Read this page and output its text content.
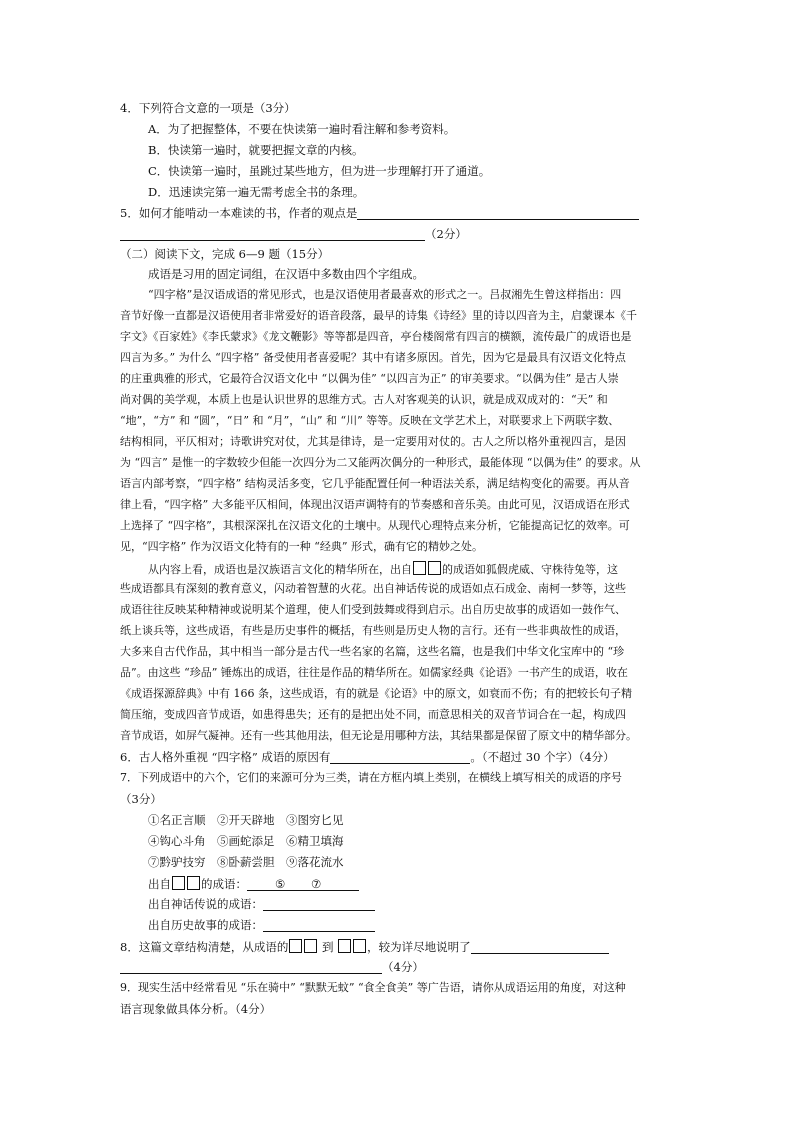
4．下列符合文意的一项是（3分）
A．为了把握整体，不要在快读第一遍时看注解和参考资料。
B．快读第一遍时，就要把握文章的内核。
C．快读第一遍时，虽跳过某些地方，但为进一步理解打开了通道。
D．迅速读完第一遍无需考虑全书的条理。
5．如何才能啃动一本难读的书，作者的观点是
（2分）
（二）阅读下文，完成 6—9 题（15分）
成语是习用的固定词组，在汉语中多数由四个字组成。
“四字格”是汉语成语的常见形式，也是汉语使用者最喜欢的形式之一。吕叔湘先生曾这样指出：四
音节好像一直都是汉语使用者非常爱好的语音段落，最早的诗集《诗经》里的诗以四音为主，启蒙课本《千
字文》《百家姓》《李氏蒙求》《龙文鞭影》等等都是四音，亭台楼阁常有四言的横额，流传最广的成语也是
四言为多。” 为什么 “四字格” 备受使用者喜爱呢？其中有诸多原因。首先，因为它是最具有汉语文化特点
的庄重典雅的形式，它最符合汉语文化中 “以偶为佳” “以四言为正” 的审美要求。“以偶为佳” 是古人崇
尚对偶的美学观，本质上也是认识世界的思维方式。古人对客观美的认识，就是成双成对的：“天” 和
“地”，“方” 和 “圆”，“日” 和 “月”，“山” 和 “川” 等等。反映在文学艺术上，对联要求上下两联字数、
结构相同，平仄相对；诗歌讲究对仗，尤其是律诗，是一定要用对仗的。古人之所以格外重视四言，是因
为 “四言” 是惟一的字数较少但能一次四分为二又能两次偶分的一种形式，最能体现 “以偶为佳” 的要求。从
语言内部考察，“四字格” 结构灵活多变，它几乎能配置任何一种语法关系，满足结构变化的需要。再从音
律上看，“四字格” 大多能平仄相间，体现出汉语声调特有的节奏感和音乐美。由此可见，汉语成语在形式
上选择了 “四字格”，其根深深扎在汉语文化的土壤中。从现代心理特点来分析，它能提高记忆的效率。可
见，“四字格” 作为汉语文化特有的一种 “经典” 形式，确有它的精妙之处。
从内容上看，成语也是汉族语言文化的精华所在，出自	的成语如狐假虎威、守株待兔等，这
些成语都具有深刻的教育意义，闪动着智慧的火花。出自神话传说的成语如点石成金、南柯一梦等，这些
成语往往反映某种精神或说明某个道理，使人们受到鼓舞或得到启示。出自历史故事的成语如一鼓作气、
纸上谈兵等，这些成语，有些是历史事件的概括，有些则是历史人物的言行。还有一些非典故性的成语，
大多来自古代作品，其中相当一部分是古代一些名家的名篇，这些名篇，也是我们中华文化宝库中的 “珍
品”。由这些 “珍品” 锤炼出的成语，往往是作品的精华所在。如儒家经典《论语》一书产生的成语，收在
《成语探源辞典》中有 166 条，这些成语，有的就是《论语》中的原文，如衰而不伤；有的把较长句子精
简压缩，变成四音节成语，如患得患失；还有的是把出处不同，而意思相关的双音节词合在一起，构成四
音节成语，如屏气凝神。还有一些其他用法，但无论是用哪种方法，其结果都是保留了原文中的精华部分。
6．古人格外重视 “四字格” 成语的原因有	。（不超过 30 个字）（4分）
7．下列成语中的六个，它们的来源可分为三类，请在方框内填上类别，在横线上填写相关的成语的序号
（3分）
①名正言顺　②开天辟地　③图穷匕见
④钩心斗角　⑤画蛇添足　⑥精卫填海
⑦黔驴技穷　⑧卧薪尝胆　⑨落花流水
出自	的成语： ⑤ ⑦
出自神话传说的成语：
出自历史故事的成语：
8．这篇文章结构清楚，从成语的	到	，较为详尽地说明了
（4分）
9．现实生活中经常看见 “乐在骑中” “默默无蚊” “食全食美” 等广告语，请你从成语运用的角度，对这种
语言现象做具体分析。（4分）
